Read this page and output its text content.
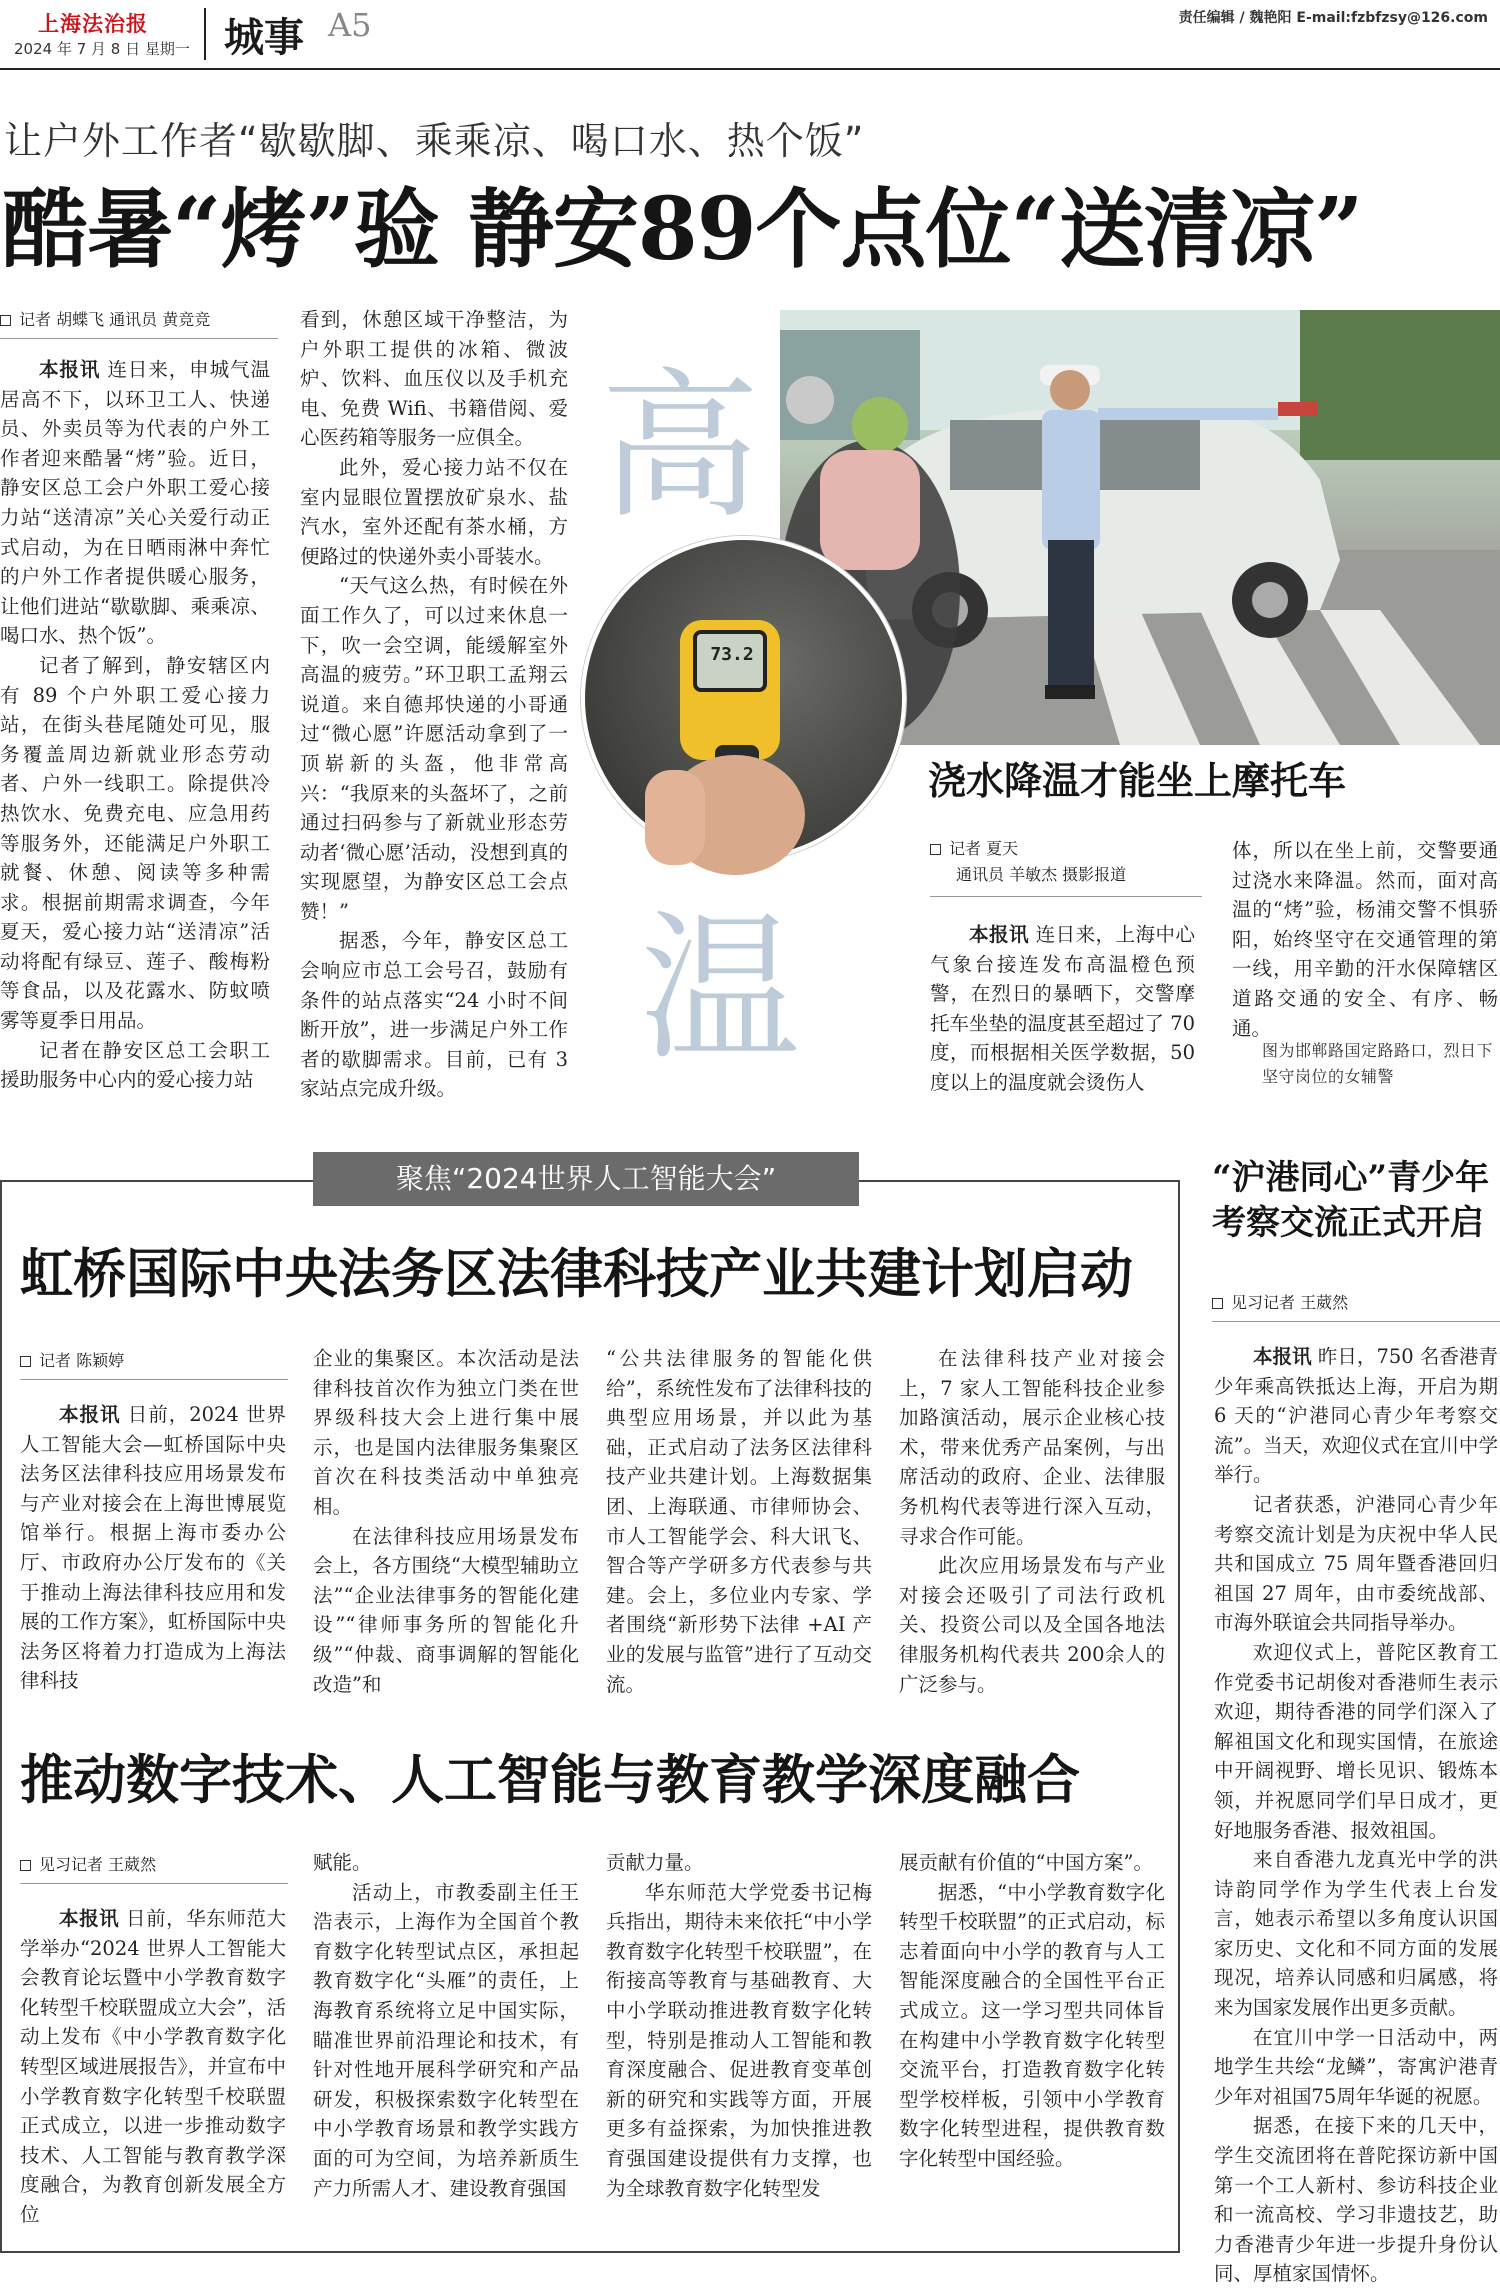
上海法治报
2024 年 7 月 8 日 星期一 城事 A5	责任编辑 / 魏艳阳 E-mail:fzbfzsy@126.com
让户外工作者“歇歇脚、乘乘凉、喝口水、热个饭”
酷暑“烤”验 静安89个点位“送清凉”
记者 胡蝶飞 通讯员 黄竞竞

本报讯 连日来，申城气温居高不下，以环卫工人、快递员、外卖员等为代表的户外工作者迎来酷暑“烤”验。近日，静安区总工会户外职工爱心接力站“送清凉”关心关爱行动正式启动，为在日晒雨淋中奔忙的户外工作者提供暖心服务，让他们进站“歇歇脚、乘乘凉、喝口水、热个饭”。

记者了解到，静安辖区内有 89 个户外职工爱心接力站，在街头巷尾随处可见，服务覆盖周边新就业形态劳动者、户外一线职工。除提供冷热饮水、免费充电、应急用药等服务外，还能满足户外职工就餐、休憩、阅读等多种需求。根据前期需求调查，今年夏天，爱心接力站“送清凉”活动将配有绿豆、莲子、酸梅粉等食品，以及花露水、防蚊喷雾等夏季日用品。

记者在静安区总工会职工援助服务中心内的爱心接力站

看到，休憩区域干净整洁，为户外职工提供的冰箱、微波炉、饮料、血压仪以及手机充电、免费 Wifi、书籍借阅、爱心医药箱等服务一应俱全。

此外，爱心接力站不仅在室内显眼位置摆放矿泉水、盐汽水，室外还配有茶水桶，方便路过的快递外卖小哥装水。

“天气这么热，有时候在外面工作久了，可以过来休息一下，吹一会空调，能缓解室外高温的疲劳。”环卫职工孟翔云说道。来自德邦快递的小哥通过“微心愿”许愿活动拿到了一顶崭新的头盔，他非常高兴：“我原来的头盔坏了，之前通过扫码参与了新就业形态劳动者‘微心愿’活动，没想到真的实现愿望，为静安区总工会点赞！”

据悉，今年，静安区总工会响应市总工会号召，鼓励有条件的站点落实“24 小时不间断开放”，进一步满足户外工作者的歇脚需求。目前，已有 3家站点完成升级。

高
温
73.2
浇水降温才能坐上摩托车
记者 夏天
通讯员 羊敏杰 摄影报道

本报讯 连日来，上海中心气象台接连发布高温橙色预警，在烈日的暴晒下，交警摩托车坐垫的温度甚至超过了 70度，而根据相关医学数据，50 度以上的温度就会烫伤人

体，所以在坐上前，交警要通过浇水来降温。然而，面对高温的“烤”验，杨浦交警不惧骄阳，始终坚守在交通管理的第一线，用辛勤的汗水保障辖区道路交通的安全、有序、畅通。

图为邯郸路国定路路口，烈日下坚守岗位的女辅警
聚焦“2024世界人工智能大会”
虹桥国际中央法务区法律科技产业共建计划启动
记者 陈颖婷

本报讯 日前，2024 世界人工智能大会—虹桥国际中央法务区法律科技应用场景发布与产业对接会在上海世博展览馆举行。根据上海市委办公厅、市政府办公厅发布的《关于推动上海法律科技应用和发展的工作方案》，虹桥国际中央法务区将着力打造成为上海法律科技

企业的集聚区。本次活动是法律科技首次作为独立门类在世界级科技大会上进行集中展示，也是国内法律服务集聚区首次在科技类活动中单独亮相。

在法律科技应用场景发布会上，各方围绕“大模型辅助立法”“企业法律事务的智能化建设”“律师事务所的智能化升级”“仲裁、商事调解的智能化改造”和

“公共法律服务的智能化供给”，系统性发布了法律科技的典型应用场景，并以此为基础，正式启动了法务区法律科技产业共建计划。上海数据集团、上海联通、市律师协会、市人工智能学会、科大讯飞、智合等产学研多方代表参与共建。会上，多位业内专家、学者围绕“新形势下法律 +AI 产业的发展与监管”进行了互动交流。

在法律科技产业对接会上，7 家人工智能科技企业参加路演活动，展示企业核心技术，带来优秀产品案例，与出席活动的政府、企业、法律服务机构代表等进行深入互动，寻求合作可能。

此次应用场景发布与产业对接会还吸引了司法行政机关、投资公司以及全国各地法律服务机构代表共 200余人的广泛参与。

推动数字技术、人工智能与教育教学深度融合
见习记者 王葳然

本报讯 日前，华东师范大学举办“2024 世界人工智能大会教育论坛暨中小学教育数字化转型千校联盟成立大会”，活动上发布《中小学教育数字化转型区域进展报告》，并宣布中小学教育数字化转型千校联盟正式成立，以进一步推动数字技术、人工智能与教育教学深度融合，为教育创新发展全方位

赋能。

活动上，市教委副主任王浩表示，上海作为全国首个教育数字化转型试点区，承担起教育数字化“头雁”的责任，上海教育系统将立足中国实际，瞄准世界前沿理论和技术，有针对性地开展科学研究和产品研发，积极探索数字化转型在中小学教育场景和教学实践方面的可为空间，为培养新质生产力所需人才、建设教育强国

贡献力量。

华东师范大学党委书记梅兵指出，期待未来依托“中小学教育数字化转型千校联盟”，在衔接高等教育与基础教育、大中小学联动推进教育数字化转型，特别是推动人工智能和教育深度融合、促进教育变革创新的研究和实践等方面，开展更多有益探索，为加快推进教育强国建设提供有力支撑，也为全球教育数字化转型发

展贡献有价值的“中国方案”。

据悉，“中小学教育数字化转型千校联盟”的正式启动，标志着面向中小学的教育与人工智能深度融合的全国性平台正式成立。这一学习型共同体旨在构建中小学教育数字化转型交流平台，打造教育数字化转型学校样板，引领中小学教育数字化转型进程，提供教育数字化转型中国经验。

“沪港同心”青少年
考察交流正式开启
见习记者 王葳然

本报讯 昨日，750 名香港青少年乘高铁抵达上海，开启为期 6 天的“沪港同心青少年考察交流”。当天，欢迎仪式在宜川中学举行。

记者获悉，沪港同心青少年考察交流计划是为庆祝中华人民共和国成立 75 周年暨香港回归祖国 27 周年，由市委统战部、市海外联谊会共同指导举办。

欢迎仪式上，普陀区教育工作党委书记胡俊对香港师生表示欢迎，期待香港的同学们深入了解祖国文化和现实国情，在旅途中开阔视野、增长见识、锻炼本领，并祝愿同学们早日成才，更好地服务香港、报效祖国。

来自香港九龙真光中学的洪诗韵同学作为学生代表上台发言，她表示希望以多角度认识国家历史、文化和不同方面的发展现况，培养认同感和归属感，将来为国家发展作出更多贡献。

在宜川中学一日活动中，两地学生共绘“龙鳞”，寄寓沪港青少年对祖国75周年华诞的祝愿。

据悉，在接下来的几天中，学生交流团将在普陀探访新中国第一个工人新村、参访科技企业和一流高校、学习非遗技艺，助力香港青少年进一步提升身份认同、厚植家国情怀。
